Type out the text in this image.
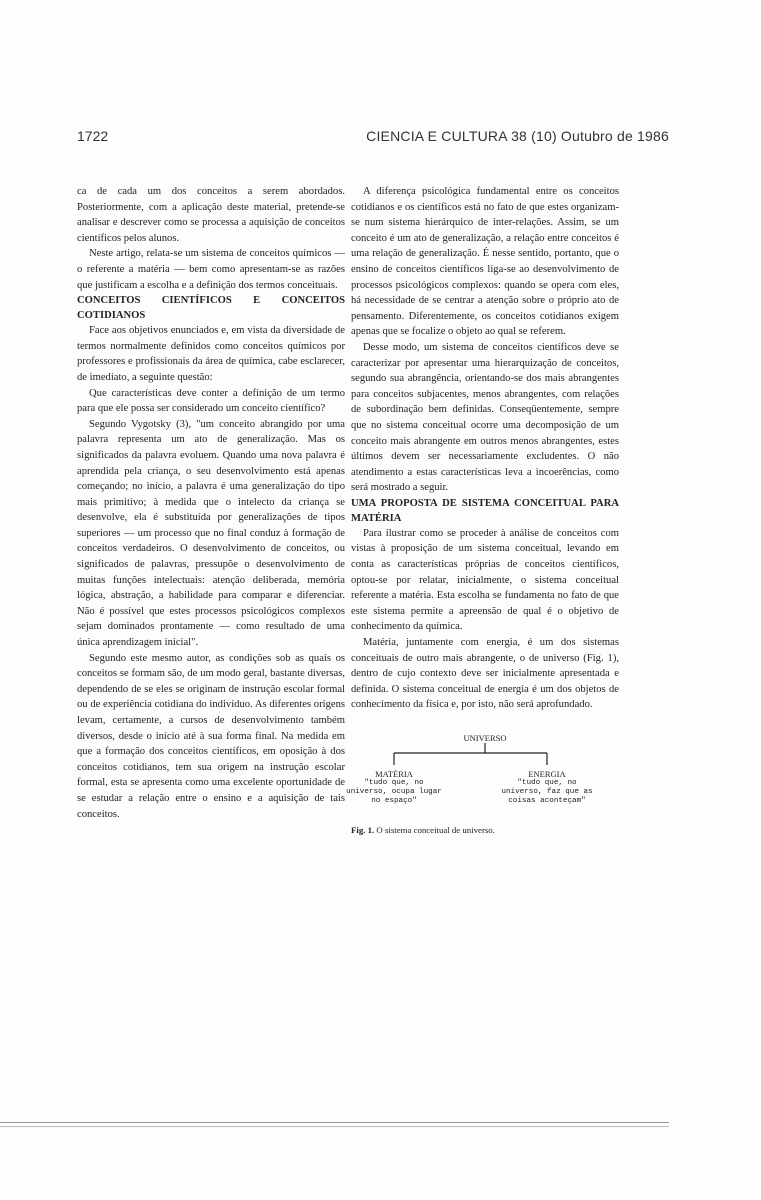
1722	CIENCIA E CULTURA 38 (10) Outubro de 1986

ca de cada um dos conceitos a serem abordados. Posteriormente, com a aplicação deste material, pretende-se analisar e descrever como se processa a aquisição de conceitos científicos pelos alunos.

Neste artigo, relata-se um sistema de conceitos químicos — o referente a matéria — bem como apresentam-se as razões que justificam a escolha e a definição dos termos conceituais.

CONCEITOS CIENTÍFICOS E CONCEITOS COTIDIANOS

Face aos objetivos enunciados e, em vista da diversidade de termos normalmente definidos como conceitos químicos por professores e profissionais da área de química, cabe esclarecer, de imediato, a seguinte questão:

Que características deve conter a definição de um termo para que ele possa ser considerado um conceito científico?

Segundo Vygotsky (3), "um conceito abrangido por uma palavra representa um ato de generalização. Mas os significados da palavra evoluem. Quando uma nova palavra é aprendida pela criança, o seu desenvolvimento está apenas começando; no início, a palavra é uma generalização do tipo mais primitivo; à medida que o intelecto da criança se desenvolve, ela é substituída por generalizações de tipos superiores — um processo que no final conduz à formação de conceitos verdadeiros. O desenvolvimento de conceitos, ou significados de palavras, pressupõe o desenvolvimento de muitas funções intelectuais: atenção deliberada, memória lógica, abstração, a habilidade para comparar e diferenciar. Não é possível que estes processos psicológicos complexos sejam dominados prontamente — como resultado de uma única aprendizagem inicial".

Segundo este mesmo autor, as condições sob as quais os conceitos se formam são, de um modo geral, bastante diversas, dependendo de se eles se originam de instrução escolar formal ou de experiência cotidiana do indivíduo. As diferentes origens levam, certamente, a cursos de desenvolvimento também diversos, desde o início até à sua forma final. Na medida em que a formação dos conceitos científicos, em oposição à dos conceitos cotidianos, tem sua origem na instrução escolar formal, esta se apresenta como uma excelente oportunidade de se estudar a relação entre o ensino e a aquisição de tais conceitos.

A diferença psicológica fundamental entre os conceitos cotidianos e os científicos está no fato de que estes organizam-se num sistema hierárquico de inter-relações. Assim, se um conceito é um ato de generalização, a relação entre conceitos é uma relação de generalização. É nesse sentido, portanto, que o ensino de conceitos científicos liga-se ao desenvolvimento de processos psicológicos complexos: quando se opera com eles, há necessidade de se centrar a atenção sobre o próprio ato de pensamento. Diferentemente, os conceitos cotidianos exigem apenas que se focalize o objeto ao qual se referem.

Desse modo, um sistema de conceitos científicos deve se caracterizar por apresentar uma hierarquização de conceitos, segundo sua abrangência, orientando-se dos mais abrangentes para conceitos subjacentes, menos abrangentes, com relações de subordinação bem definidas. Conseqüentemente, sempre que no sistema conceitual ocorre uma decomposição de um conceito mais abrangente em outros menos abrangentes, estes últimos devem ser necessariamente excludentes. O não atendimento a estas características leva a incoerências, como será mostrado a seguir.

UMA PROPOSTA DE SISTEMA CONCEITUAL PARA MATÉRIA

Para ilustrar como se proceder à análise de conceitos com vistas à proposição de um sistema conceitual, levando em conta as características próprias de conceitos científicos, optou-se por relatar, inicialmente, o sistema conceitual referente a matéria. Esta escolha se fundamenta no fato de que este sistema permite a apreensão de qual é o objetivo de conhecimento da química.

Matéria, juntamente com energia, é um dos sistemas conceituais de outro mais abrangente, o de universo (Fig. 1), dentro de cujo contexto deve ser inicialmente apresentada e definida. O sistema conceitual de energia é um dos objetos de conhecimento da física e, por isto, não será aprofundado.

UNIVERSO
MATÉRIA	ENERGIA
"tudo que, no
universo, ocupa lugar
no espaço"
"tudo que, no
universo, faz que as
coisas aconteçam"
Fig. 1. O sistema conceitual de universo.
